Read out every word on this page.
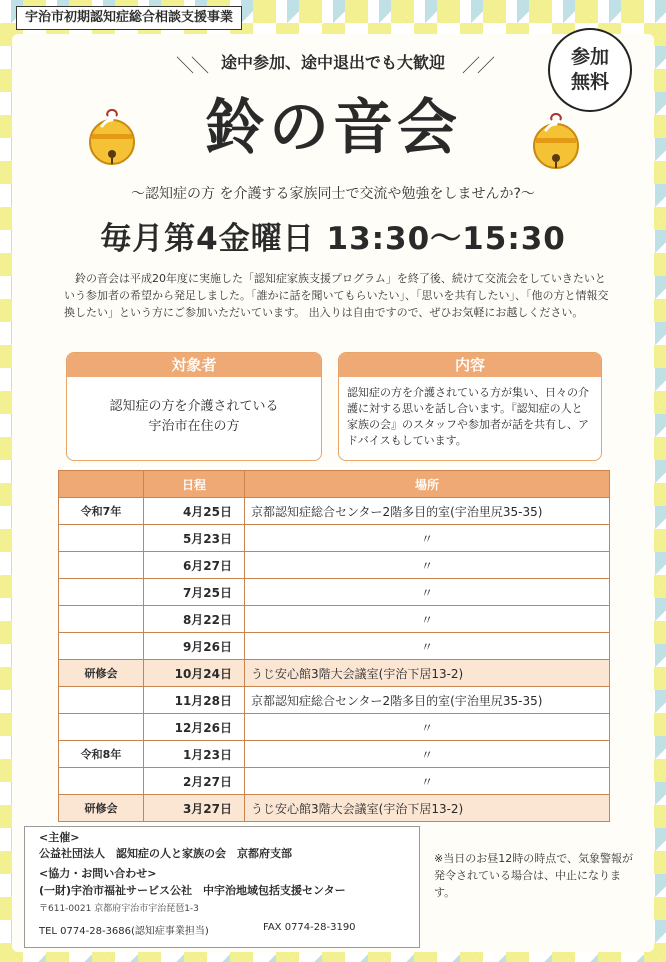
宇治市初期認知症総合相談支援事業
参加
無料
＼＼	／／
途中参加、途中退出でも大歓迎
鈴の音会
〜認知症の方 を介護する家族同士で交流や勉強をしませんか?〜
毎月第4金曜日 13:30〜15:30
鈴の音会は平成20年度に実施した「認知症家族支援プログラム」を終了後、続けて交流会をしていきたいという参加者の希望から発足しました。「誰かに話を聞いてもらいたい」、「思いを共有したい」、「他の方と情報交換したい」という方にご参加いただいています。 出入りは自由ですので、ぜひお気軽にお越しください。
対象者
認知症の方を介護されている
宇治市在住の方
内容
認知症の方を介護されている方が集い、日々の介護に対する思いを話し合います。『認知症の人と家族の会』のスタッフや参加者が話を共有し、アドバイスもしています。
	日程	場所
令和7年	4月25日	京都認知症総合センター2階多目的室(宇治里尻35-35)
	5月23日	〃
	6月27日	〃
	7月25日	〃
	8月22日	〃
	9月26日	〃
研修会	10月24日	うじ安心館3階大会議室(宇治下居13-2)
	11月28日	京都認知症総合センター2階多目的室(宇治里尻35-35)
	12月26日	〃
令和8年	1月23日	〃
	2月27日	〃
研修会	3月27日	うじ安心館3階大会議室(宇治下居13-2)
<主催>
公益社団法人　認知症の人と家族の会　京都府支部
<協力・お問い合わせ>
(一財)宇治市福祉サービス公社　中宇治地域包括支援センター
〒611-0021 京都府宇治市宇治琵琶1-3
TEL 0774-28-3686(認知症事業担当)	FAX 0774-28-3190
※当日のお昼12時の時点で、気象警報が発令されている場合は、中止になります。
